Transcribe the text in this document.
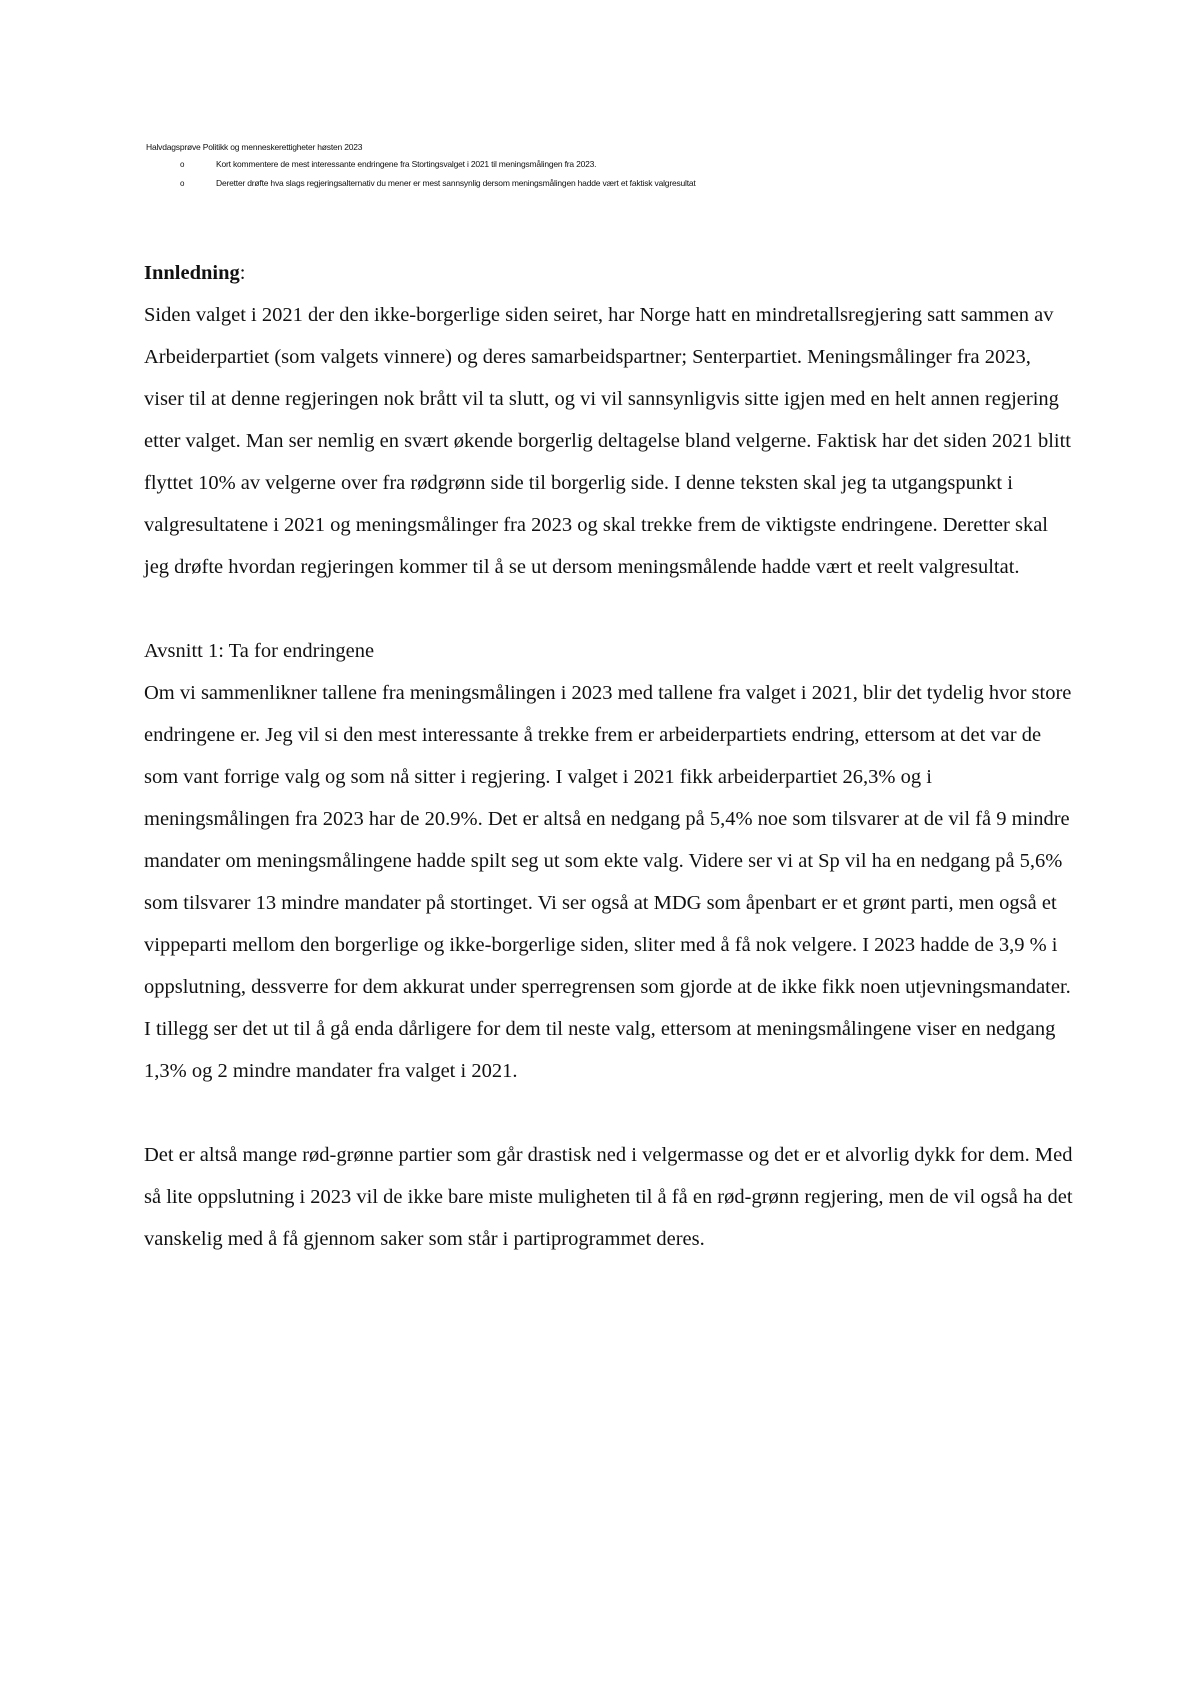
Halvdagsprøve Politikk og menneskerettigheter høsten 2023
o	Kort kommentere de mest interessante endringene fra Stortingsvalget i 2021 til meningsmålingen fra 2023.
o	Deretter drøfte hva slags regjeringsalternativ du mener er mest sannsynlig dersom meningsmålingen hadde vært et faktisk valgresultat
Innledning:

Siden valget i 2021 der den ikke-borgerlige siden seiret, har Norge hatt en mindretallsregjering satt sammen av Arbeiderpartiet (som valgets vinnere) og deres samarbeidspartner; Senterpartiet. Meningsmålinger fra 2023, viser til at denne regjeringen nok brått vil ta slutt, og vi vil sannsynligvis sitte igjen med en helt annen regjering etter valget. Man ser nemlig en svært økende borgerlig deltagelse bland velgerne. Faktisk har det siden 2021 blitt flyttet 10% av velgerne over fra rødgrønn side til borgerlig side. I denne teksten skal jeg ta utgangspunkt i valgresultatene i 2021 og meningsmålinger fra 2023 og skal trekke frem de viktigste endringene. Deretter skal jeg drøfte hvordan regjeringen kommer til å se ut dersom meningsmålende hadde vært et reelt valgresultat.

Avsnitt 1: Ta for endringene

Om vi sammenlikner tallene fra meningsmålingen i 2023 med tallene fra valget i 2021, blir det tydelig hvor store endringene er. Jeg vil si den mest interessante å trekke frem er arbeiderpartiets endring, ettersom at det var de som vant forrige valg og som nå sitter i regjering. I valget i 2021 fikk arbeiderpartiet 26,3% og i meningsmålingen fra 2023 har de 20.9%. Det er altså en nedgang på 5,4% noe som tilsvarer at de vil få 9 mindre mandater om meningsmålingene hadde spilt seg ut som ekte valg. Videre ser vi at Sp vil ha en nedgang på 5,6% som tilsvarer 13 mindre mandater på stortinget. Vi ser også at MDG som åpenbart er et grønt parti, men også et vippeparti mellom den borgerlige og ikke-borgerlige siden, sliter med å få nok velgere. I 2023 hadde de 3,9 % i oppslutning, dessverre for dem akkurat under sperregrensen som gjorde at de ikke fikk noen utjevningsmandater. I tillegg ser det ut til å gå enda dårligere for dem til neste valg, ettersom at meningsmålingene viser en nedgang 1,3% og 2 mindre mandater fra valget i 2021.

Det er altså mange rød-grønne partier som går drastisk ned i velgermasse og det er et alvorlig dykk for dem. Med så lite oppslutning i 2023 vil de ikke bare miste muligheten til å få en rød-grønn regjering, men de vil også ha det vanskelig med å få gjennom saker som står i partiprogrammet deres.
